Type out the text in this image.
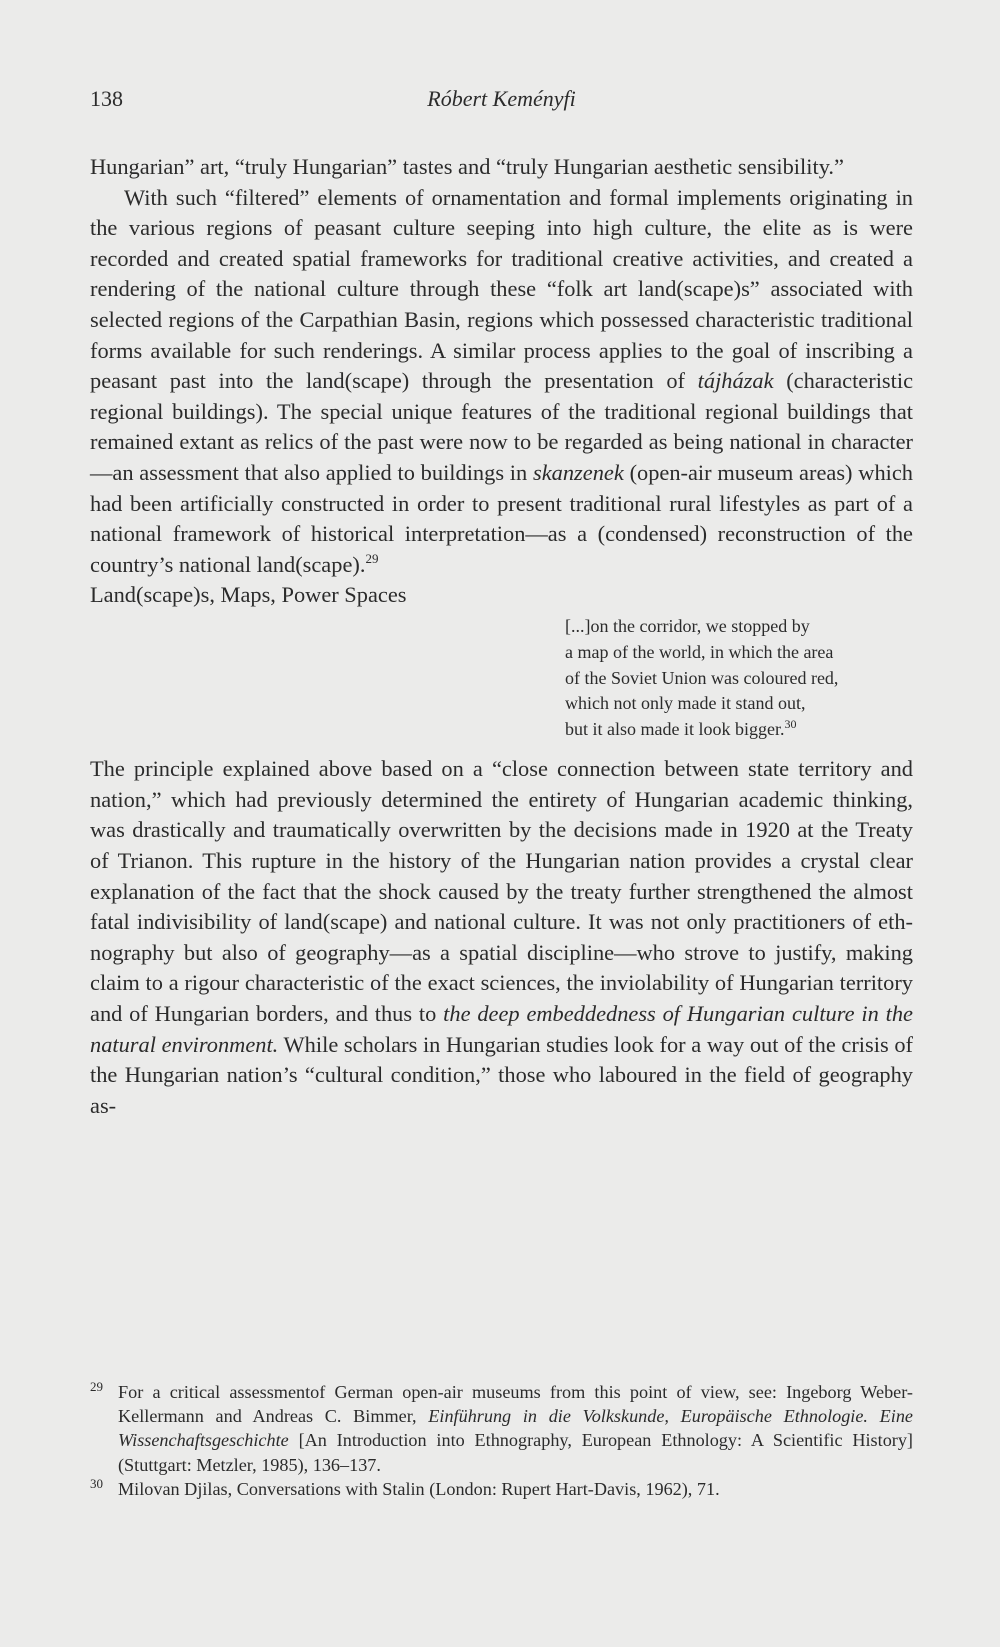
138	Róbert Keményfi

Hungarian” art, “truly Hungarian” tastes and “truly Hungarian aesthetic sensibility.”

With such “filtered” elements of ornamentation and formal implements originating in the various regions of peasant culture seeping into high culture, the elite as is were recorded and created spatial frameworks for traditional creative activities, and created a rendering of the national culture through these “folk art land(scape)s” associated with selected regions of the Carpathian Basin, regions which possessed characteristic traditional forms available for such renderings. A similar process applies to the goal of inscribing a peasant past into the land(scape) through the presentation of tájházak (characteristic regional buildings). The special unique features of the traditional regional buildings that remained extant as relics of the past were now to be regarded as being national in character—an assessment that also applied to buildings in skanzenek (open-air museum areas) which had been artificially constructed in order to present traditional rural lifestyles as part of a national framework of historical interpretation—as a (condensed) reconstruction of the country’s national land(scape).$^{29}$

Land(scape)s, Maps, Power Spaces

[...]on the corridor, we stopped by
a map of the world, in which the area
of the Soviet Union was coloured red,
which not only made it stand out,
but it also made it look bigger.$^{30}$

The principle explained above based on a “close connection between state territory and nation,” which had previously determined the entirety of Hungarian academic thinking, was drastically and traumatically overwritten by the decisions made in 1920 at the Treaty of Trianon. This rupture in the history of the Hungarian nation provides a crystal clear explanation of the fact that the shock caused by the treaty further strengthened the almost fatal indivisibility of land(scape) and national culture. It was not only practitioners of ethnography but also of geography—as a spatial discipline—who strove to justify, making claim to a rigour characteristic of the exact sciences, the inviolability of Hungarian territory and of Hungarian borders, and thus to the deep embeddedness of Hungarian culture in the natural environment. While scholars in Hungarian studies look for a way out of the crisis of the Hungarian nation’s “cultural condition,” those who laboured in the field of geography as-

29 For a critical assessmentof German open-air museums from this point of view, see: Ingeborg Weber-Kellermann and Andreas C. Bimmer, Einführung in die Volkskunde, Europäische Ethnologie. Eine Wissenchaftsgeschichte [An Introduction into Ethnography, European Ethnology: A Scientific History] (Stuttgart: Metzler, 1985), 136–137.

30 Milovan Djilas, Conversations with Stalin (London: Rupert Hart-Davis, 1962), 71.
